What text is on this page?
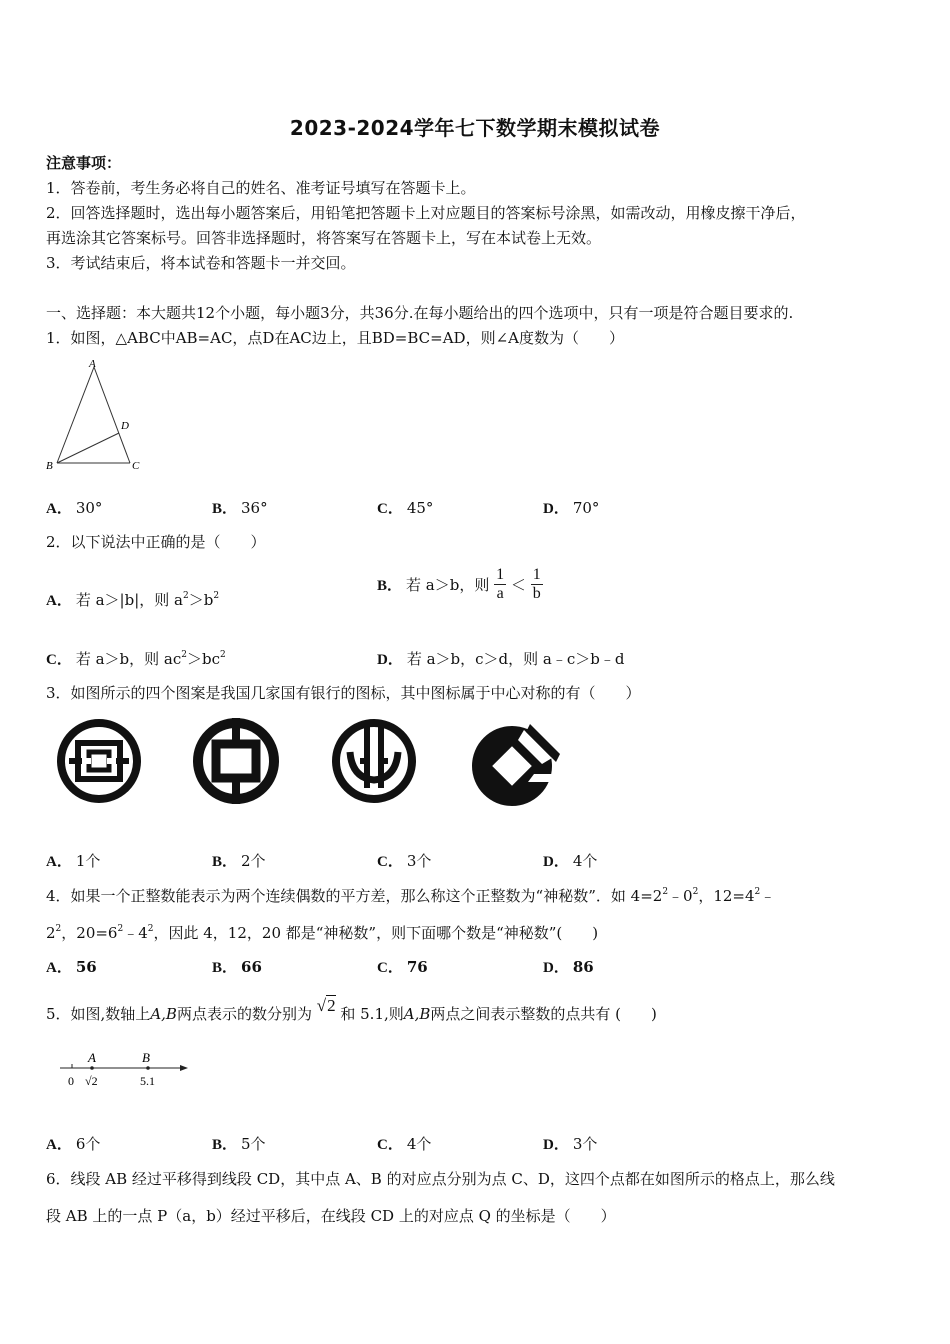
2023-2024学年七下数学期末模拟试卷
注意事项：
1．答卷前，考生务必将自己的姓名、准考证号填写在答题卡上。
2．回答选择题时，选出每小题答案后，用铅笔把答题卡上对应题目的答案标号涂黑，如需改动，用橡皮擦干净后，
再选涂其它答案标号。回答非选择题时，将答案写在答题卡上，写在本试卷上无效。
3．考试结束后，将本试卷和答题卡一并交回。
一、选择题：本大题共12个小题，每小题3分，共36分.在每小题给出的四个选项中，只有一项是符合题目要求的.
1．如图，△ABC中AB=AC，点D在AC边上，且BD=BC=AD，则∠A度数为（　　）
A
B	C
D
A． 30°	B． 36°	C． 45°	D． 70°
2．以下说法中正确的是（　　）
A． 若 a＞|b|，则 $a^2>b^2$
B． 若 a＞b，则 $\frac{1}{a} < \frac{1}{b}$
C． 若 a＞b，则 $ac^2>bc^2$	D． 若 a＞b，c＞d，则 a﹣c＞b﹣d
3．如图所示的四个图案是我国几家国有银行的图标，其中图标属于中心对称的有（　　）
A． 1个	B． 2个	C． 3个	D． 4个
4．如果一个正整数能表示为两个连续偶数的平方差，那么称这个正整数为“神秘数”．如 $4=2^2﹣0^2$，$12=4^2﹣$
$2^2$，$20=6^2﹣4^2$，因此 4，12，20 都是“神秘数”，则下面哪个数是“神秘数”(　　)
A． 56	B． 66	C． 76	D． 86
5．如图,数轴上A,B两点表示的数分别为 √2 和 5.1,则A,B两点之间表示整数的点共有 (　　)
A	B
0 √2	5.1
A． 6个	B． 5个	C． 4个	D． 3个
6．线段 AB 经过平移得到线段 CD，其中点 A、B 的对应点分别为点 C、D，这四个点都在如图所示的格点上，那么线
段 AB 上的一点 P（a，b）经过平移后，在线段 CD 上的对应点 Q 的坐标是（　　）
